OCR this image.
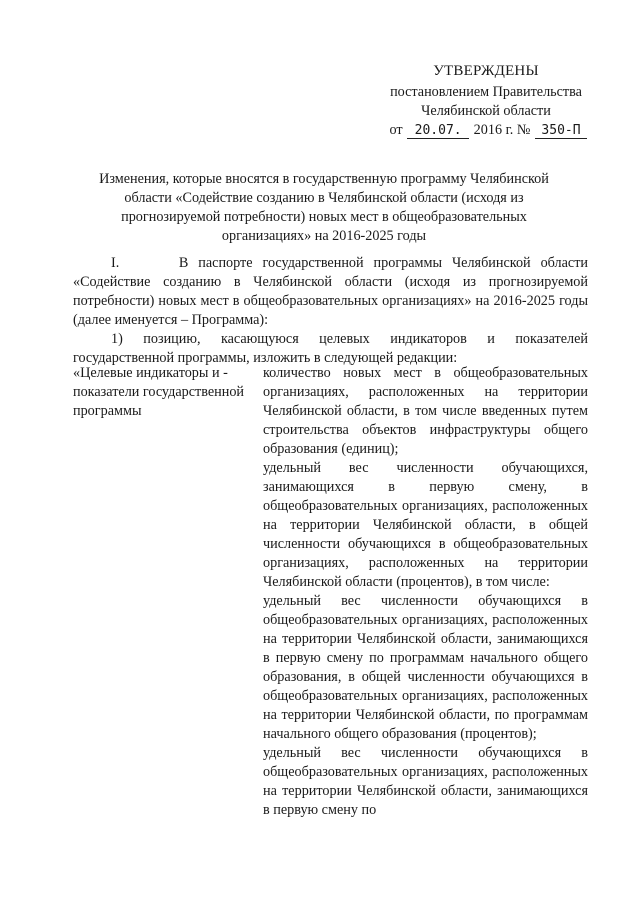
УТВЕРЖДЕНЫ
постановлением Правительства
Челябинской области
от 20.07. 2016 г. № 350-П
Изменения, которые вносятся в государственную программу Челябинской области «Содействие созданию в Челябинской области (исходя из прогнозируемой потребности) новых мест в общеобразовательных организациях» на 2016-2025 годы

I.      В паспорте государственной программы Челябинской области «Содействие созданию в Челябинской области (исходя из прогнозируемой потребности) новых мест в общеобразовательных организациях» на 2016-2025 годы (далее именуется – Программа):

1) позицию, касающуюся целевых индикаторов и показателей государственной программы, изложить в следующей редакции:

«Целевые индикаторы и - показатели государственной программы

количество новых мест в общеобразовательных организациях, расположенных на территории Челябинской области, в том числе введенных путем строительства объектов инфраструктуры общего образования (единиц);

удельный вес численности обучающихся, занимающихся в первую смену, в общеобразовательных организациях, расположенных на территории Челябинской области, в общей численности обучающихся в общеобразовательных организациях, расположенных на территории Челябинской области (процентов), в том числе:

удельный вес численности обучающихся в общеобразовательных организациях, расположенных на территории Челябинской области, занимающихся в первую смену по программам начального общего образования, в общей численности обучающихся в общеобразовательных организациях, расположенных на территории Челябинской области, по программам начального общего образования (процентов);

удельный вес численности обучающихся в общеобразовательных организациях, расположенных на территории Челябинской области, занимающихся в первую смену по
